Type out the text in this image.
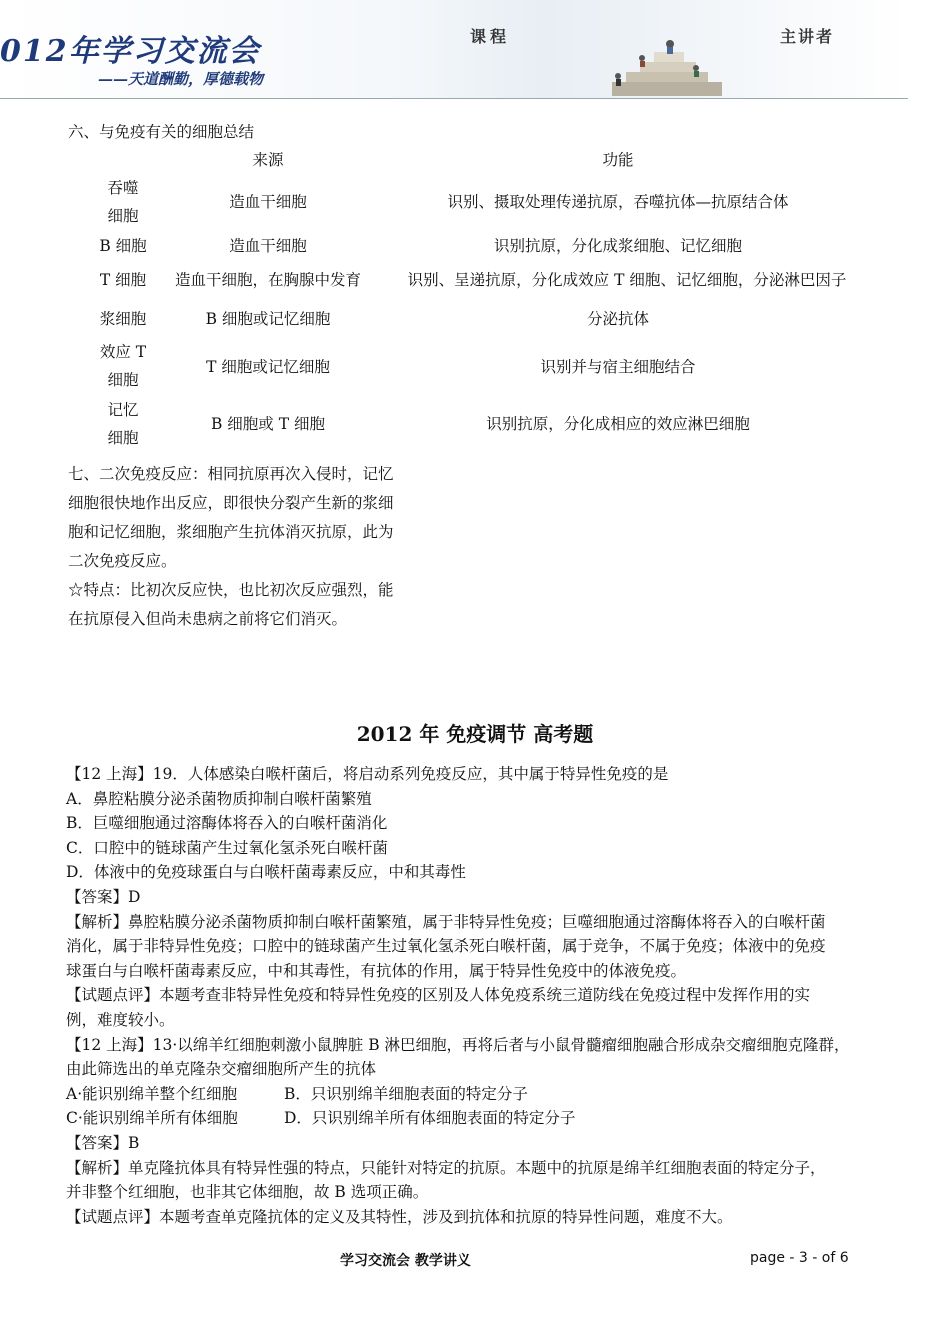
012年学习交流会
——天道酬勤，厚德载物
课程	主讲者
六、与免疫有关的细胞总结
来源	功能
吞噬
细胞
造血干细胞	识别、摄取处理传递抗原，吞噬抗体—抗原结合体
B 细胞	造血干细胞	识别抗原，分化成浆细胞、记忆细胞
T 细胞	造血干细胞，在胸腺中发育	识别、呈递抗原，分化成效应 T 细胞、记忆细胞，分泌淋巴因子
浆细胞	B 细胞或记忆细胞	分泌抗体
效应 T
细胞
T 细胞或记忆细胞	识别并与宿主细胞结合
记忆
细胞
B 细胞或 T 细胞	识别抗原，分化成相应的效应淋巴细胞

七、二次免疫反应：相同抗原再次入侵时，记忆

细胞很快地作出反应，即很快分裂产生新的浆细

胞和记忆细胞，浆细胞产生抗体消灭抗原，此为

二次免疫反应。

☆特点：比初次反应快，也比初次反应强烈，能

在抗原侵入但尚未患病之前将它们消灭。

2012 年 免疫调节 高考题

【12 上海】19．人体感染白喉杆菌后，将启动系列免疫反应，其中属于特异性免疫的是

A．鼻腔粘膜分泌杀菌物质抑制白喉杆菌繁殖

B．巨噬细胞通过溶酶体将吞入的白喉杆菌消化

C．口腔中的链球菌产生过氧化氢杀死白喉杆菌

D．体液中的免疫球蛋白与白喉杆菌毒素反应，中和其毒性

【答案】D

【解析】鼻腔粘膜分泌杀菌物质抑制白喉杆菌繁殖，属于非特异性免疫；巨噬细胞通过溶酶体将吞入的白喉杆菌

消化，属于非特异性免疫；口腔中的链球菌产生过氧化氢杀死白喉杆菌，属于竞争，不属于免疫；体液中的免疫

球蛋白与白喉杆菌毒素反应，中和其毒性，有抗体的作用，属于特异性免疫中的体液免疫。

【试题点评】本题考查非特异性免疫和特异性免疫的区别及人体免疫系统三道防线在免疫过程中发挥作用的实

例，难度较小。

【12 上海】13·以绵羊红细胞刺激小鼠脾脏 B 淋巴细胞，再将后者与小鼠骨髓瘤细胞融合形成杂交瘤细胞克隆群，

由此筛选出的单克隆杂交瘤细胞所产生的抗体

A·能识别绵羊整个红细胞	B．只识别绵羊细胞表面的特定分子

C·能识别绵羊所有体细胞	D．只识别绵羊所有体细胞表面的特定分子

【答案】B

【解析】单克隆抗体具有特异性强的特点，只能针对特定的抗原。本题中的抗原是绵羊红细胞表面的特定分子，

并非整个红细胞，也非其它体细胞，故 B 选项正确。

【试题点评】本题考查单克隆抗体的定义及其特性，涉及到抗体和抗原的特异性问题，难度不大。

学习交流会 教学讲义	page - 3 - of 6
